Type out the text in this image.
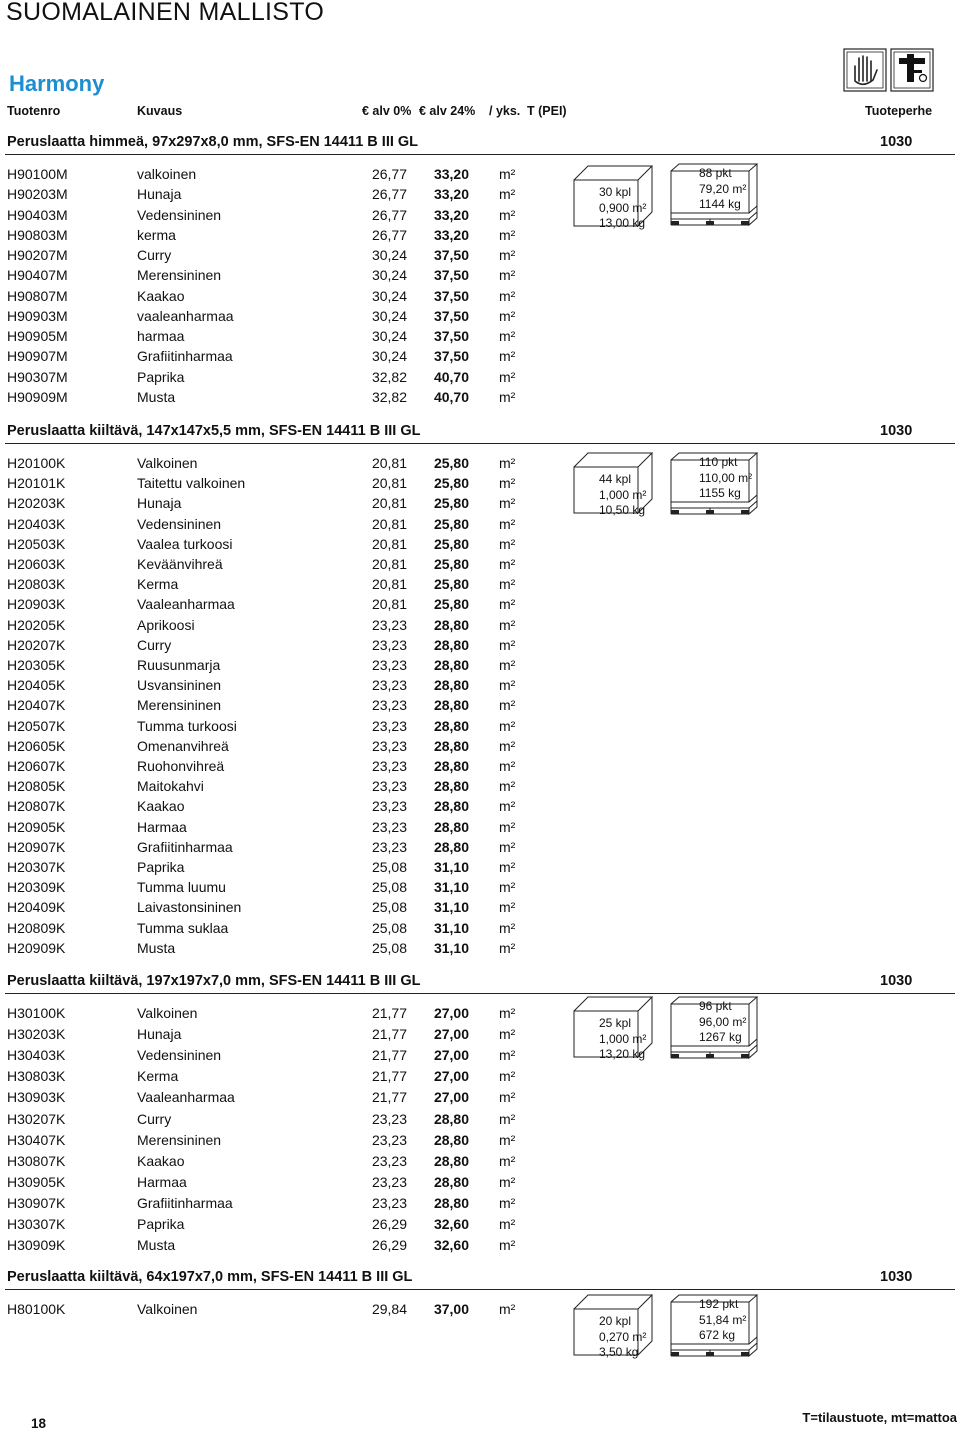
SUOMALAINEN MALLISTO
Harmony
Tuotenro	Kuvaus	€ alv 0% € alv 24% / yks. T (PEI)	Tuoteperhe
Peruslaatta himmeä, 97x297x8,0 mm, SFS-EN 14411 B III GL	1030
H90100M	valkoinen	26,77 33,20 m²
H90203M	Hunaja	26,77 33,20 m²
H90403M	Vedensininen	26,77 33,20 m²
H90803M	kerma	26,77 33,20 m²
H90207M	Curry	30,24 37,50 m²
H90407M	Merensininen	30,24 37,50 m²
H90807M	Kaakao	30,24 37,50 m²
H90903M	vaaleanharmaa	30,24 37,50 m²
H90905M	harmaa	30,24 37,50 m²
H90907M	Grafiitinharmaa	30,24 37,50 m²
H90307M	Paprika	32,82 40,70 m²
H90909M	Musta	32,82 40,70 m²
30 kpl
0,900 m²
13,00 kg
88 pkt
79,20 m²
1144 kg
Peruslaatta kiiltävä, 147x147x5,5 mm, SFS-EN 14411 B III GL	1030
H20100K	Valkoinen	20,81 25,80 m²
H20101K	Taitettu valkoinen	20,81 25,80 m²
H20203K	Hunaja	20,81 25,80 m²
H20403K	Vedensininen	20,81 25,80 m²
H20503K	Vaalea turkoosi	20,81 25,80 m²
H20603K	Keväänvihreä	20,81 25,80 m²
H20803K	Kerma	20,81 25,80 m²
H20903K	Vaaleanharmaa	20,81 25,80 m²
H20205K	Aprikoosi	23,23 28,80 m²
H20207K	Curry	23,23 28,80 m²
H20305K	Ruusunmarja	23,23 28,80 m²
H20405K	Usvansininen	23,23 28,80 m²
H20407K	Merensininen	23,23 28,80 m²
H20507K	Tumma turkoosi	23,23 28,80 m²
H20605K	Omenanvihreä	23,23 28,80 m²
H20607K	Ruohonvihreä	23,23 28,80 m²
H20805K	Maitokahvi	23,23 28,80 m²
H20807K	Kaakao	23,23 28,80 m²
H20905K	Harmaa	23,23 28,80 m²
H20907K	Grafiitinharmaa	23,23 28,80 m²
H20307K	Paprika	25,08 31,10 m²
H20309K	Tumma luumu	25,08 31,10 m²
H20409K	Laivastonsininen	25,08 31,10 m²
H20809K	Tumma suklaa	25,08 31,10 m²
H20909K	Musta	25,08 31,10 m²
44 kpl
1,000 m²
10,50 kg
110 pkt
110,00 m²
1155 kg
Peruslaatta kiiltävä, 197x197x7,0 mm, SFS-EN 14411 B III GL	1030
H30100K	Valkoinen	21,77 27,00 m²
H30203K	Hunaja	21,77 27,00 m²
H30403K	Vedensininen	21,77 27,00 m²
H30803K	Kerma	21,77 27,00 m²
H30903K	Vaaleanharmaa	21,77 27,00 m²
H30207K	Curry	23,23 28,80 m²
H30407K	Merensininen	23,23 28,80 m²
H30807K	Kaakao	23,23 28,80 m²
H30905K	Harmaa	23,23 28,80 m²
H30907K	Grafiitinharmaa	23,23 28,80 m²
H30307K	Paprika	26,29 32,60 m²
H30909K	Musta	26,29 32,60 m²
25 kpl
1,000 m²
13,20 kg
96 pkt
96,00 m²
1267 kg
Peruslaatta kiiltävä, 64x197x7,0 mm, SFS-EN 14411 B III GL	1030
H80100K	Valkoinen	29,84 37,00 m²
20 kpl
0,270 m²
3,50 kg
192 pkt
51,84 m²
672 kg
18	T=tilaustuote, mt=mattoa
